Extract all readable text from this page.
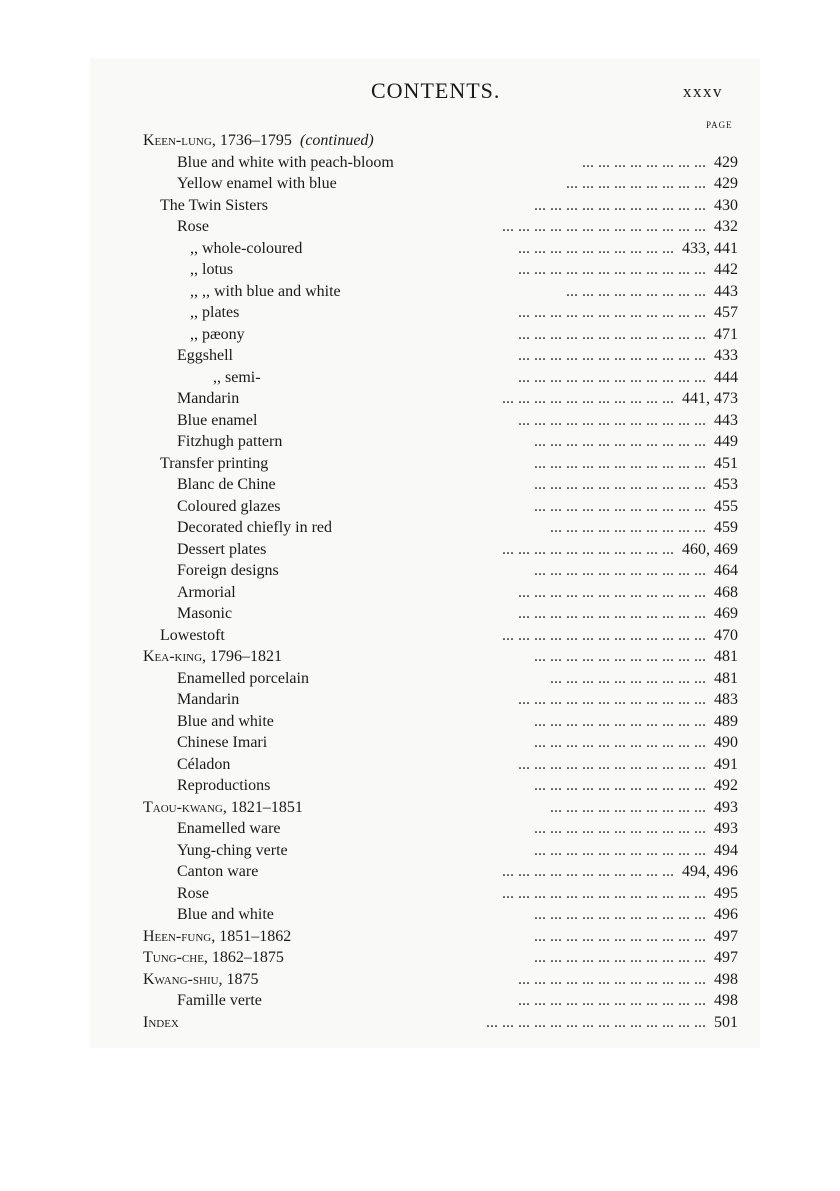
CONTENTS.	xxxv
PAGE
Keen-lung, 1736–1795 (continued)
Blue and white with peach-bloom	429
... ... ... ... ... ... ... ...
Yellow enamel with blue	429
... ... ... ... ... ... ... ... ...
The Twin Sisters	430
... ... ... ... ... ... ... ... ... ... ...
Rose	432
... ... ... ... ... ... ... ... ... ... ... ... ...
,, whole-coloured	433, 441
... ... ... ... ... ... ... ... ... ...
,, lotus	442
... ... ... ... ... ... ... ... ... ... ... ...
,, ,, with blue and white	443
... ... ... ... ... ... ... ... ...
,, plates	457
... ... ... ... ... ... ... ... ... ... ... ...
,, pæony	471
... ... ... ... ... ... ... ... ... ... ... ...
Eggshell	433
... ... ... ... ... ... ... ... ... ... ... ...
,, semi-	444
... ... ... ... ... ... ... ... ... ... ... ...
Mandarin	441, 473
... ... ... ... ... ... ... ... ... ... ...
Blue enamel	443
... ... ... ... ... ... ... ... ... ... ... ...
Fitzhugh pattern	449
... ... ... ... ... ... ... ... ... ... ...
Transfer printing	451
... ... ... ... ... ... ... ... ... ... ...
Blanc de Chine	453
... ... ... ... ... ... ... ... ... ... ...
Coloured glazes	455
... ... ... ... ... ... ... ... ... ... ...
Decorated chiefly in red	459
... ... ... ... ... ... ... ... ... ...
Dessert plates	460, 469
... ... ... ... ... ... ... ... ... ... ...
Foreign designs	464
... ... ... ... ... ... ... ... ... ... ...
Armorial	468
... ... ... ... ... ... ... ... ... ... ... ...
Masonic	469
... ... ... ... ... ... ... ... ... ... ... ...
Lowestoft	470
... ... ... ... ... ... ... ... ... ... ... ... ...
Kea-king, 1796–1821	481
... ... ... ... ... ... ... ... ... ... ...
Enamelled porcelain	481
... ... ... ... ... ... ... ... ... ...
Mandarin	483
... ... ... ... ... ... ... ... ... ... ... ...
Blue and white	489
... ... ... ... ... ... ... ... ... ... ...
Chinese Imari	490
... ... ... ... ... ... ... ... ... ... ...
Céladon	491
... ... ... ... ... ... ... ... ... ... ... ...
Reproductions	492
... ... ... ... ... ... ... ... ... ... ...
Taou-kwang, 1821–1851	493
... ... ... ... ... ... ... ... ... ...
Enamelled ware	493
... ... ... ... ... ... ... ... ... ... ...
Yung-ching verte	494
... ... ... ... ... ... ... ... ... ... ...
Canton ware	494, 496
... ... ... ... ... ... ... ... ... ... ...
Rose	495
... ... ... ... ... ... ... ... ... ... ... ... ...
Blue and white	496
... ... ... ... ... ... ... ... ... ... ...
Heen-fung, 1851–1862	497
... ... ... ... ... ... ... ... ... ... ...
Tung-che, 1862–1875	497
... ... ... ... ... ... ... ... ... ... ...
Kwang-shiu, 1875	498
... ... ... ... ... ... ... ... ... ... ... ...
Famille verte	498
... ... ... ... ... ... ... ... ... ... ... ...
Index	501
... ... ... ... ... ... ... ... ... ... ... ... ... ...
